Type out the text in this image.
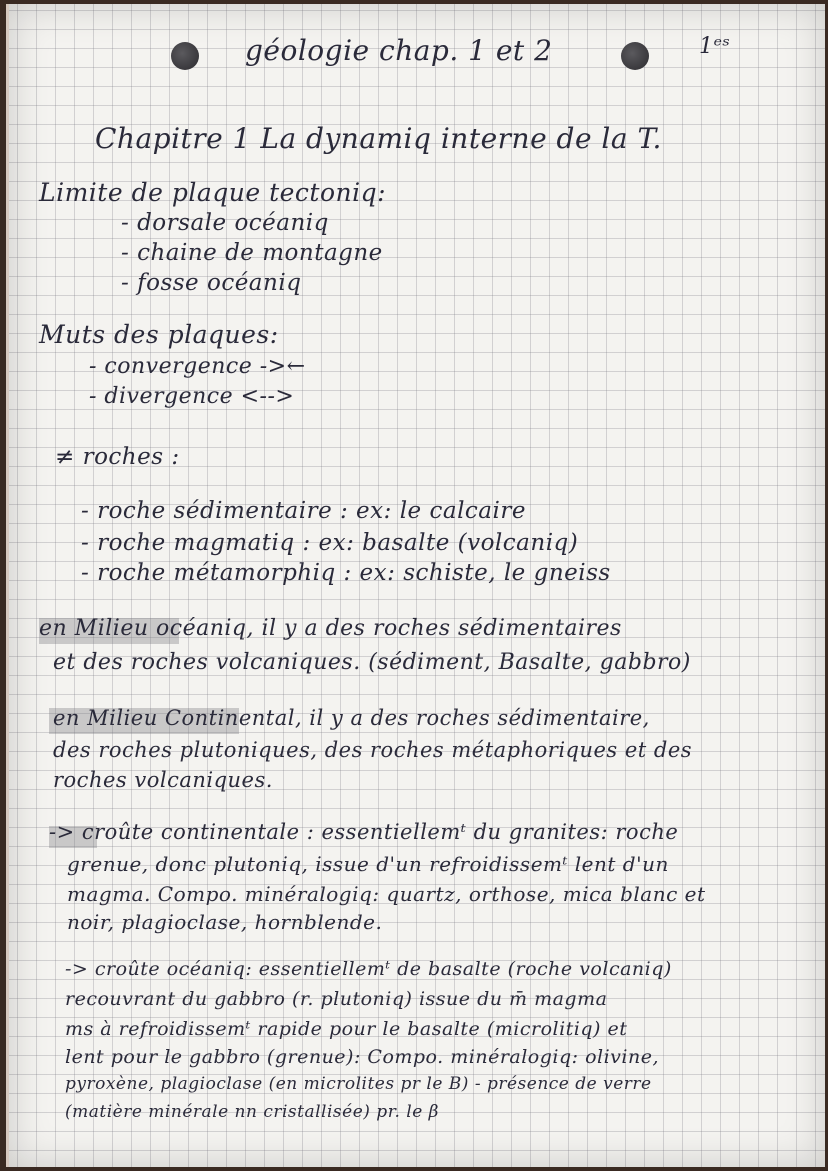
géologie chap. 1 et 2	1ᵉˢ
Chapitre 1 La dynamiq interne de la T.
Limite de plaque tectoniq:
- dorsale océaniq
- chaine de montagne
- fosse océaniq
Muts des plaques:
- convergence ->←
- divergence <-->
≠ roches :
- roche sédimentaire : ex: le calcaire
- roche magmatiq : ex: basalte (volcaniq)
- roche métamorphiq : ex: schiste, le gneiss
en Milieu océaniq, il y a des roches sédimentaires
et des roches volcaniques. (sédiment, Basalte, gabbro)
en Milieu Continental, il y a des roches sédimentaire,
des roches plutoniques, des roches métaphoriques et des
roches volcaniques.
-> croûte continentale : essentiellemᵗ du granites: roche
grenue, donc plutoniq, issue d'un refroidissemᵗ lent d'un
magma. Compo. minéralogiq: quartz, orthose, mica blanc et
noir, plagioclase, hornblende.
-> croûte océaniq: essentiellemᵗ de basalte (roche volcaniq)
recouvrant du gabbro (r. plutoniq) issue du m̄ magma
ms à refroidissemᵗ rapide pour le basalte (microlitiq) et
lent pour le gabbro (grenue): Compo. minéralogiq: olivine,
pyroxène, plagioclase (en microlites pr le B) - présence de verre
(matière minérale nn cristallisée) pr. le β
